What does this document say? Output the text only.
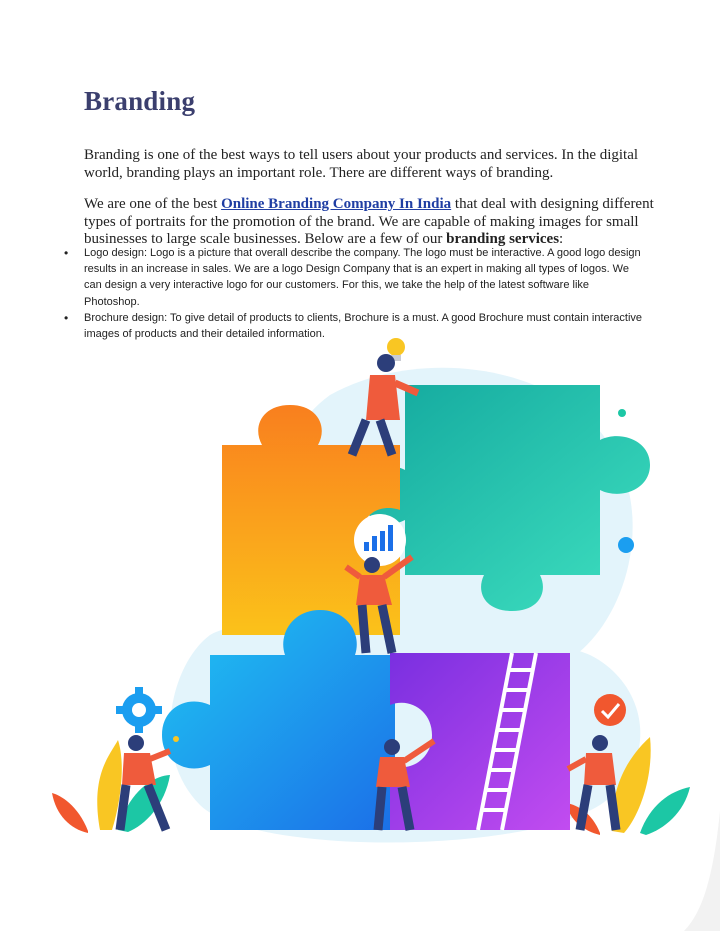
Branding

Branding is one of the best ways to tell users about your products and services. In the digital world, branding plays an important role. There are different ways of branding.

We are one of the best Online Branding Company In India that deal with designing different types of portraits for the promotion of the brand. We are capable of making images for small businesses to large scale businesses. Below are a few of our branding services:

• Logo design: Logo is a picture that overall describe the company. The logo must be interactive. A good logo design results in an increase in sales. We are a logo Design Company that is an expert in making all types of logos. We can design a very interactive logo for our customers. For this, we take the help of the latest software like Photoshop.
• Brochure design: To give detail of products to clients, Brochure is a must. A good Brochure must contain interactive images of products and their detailed information.
